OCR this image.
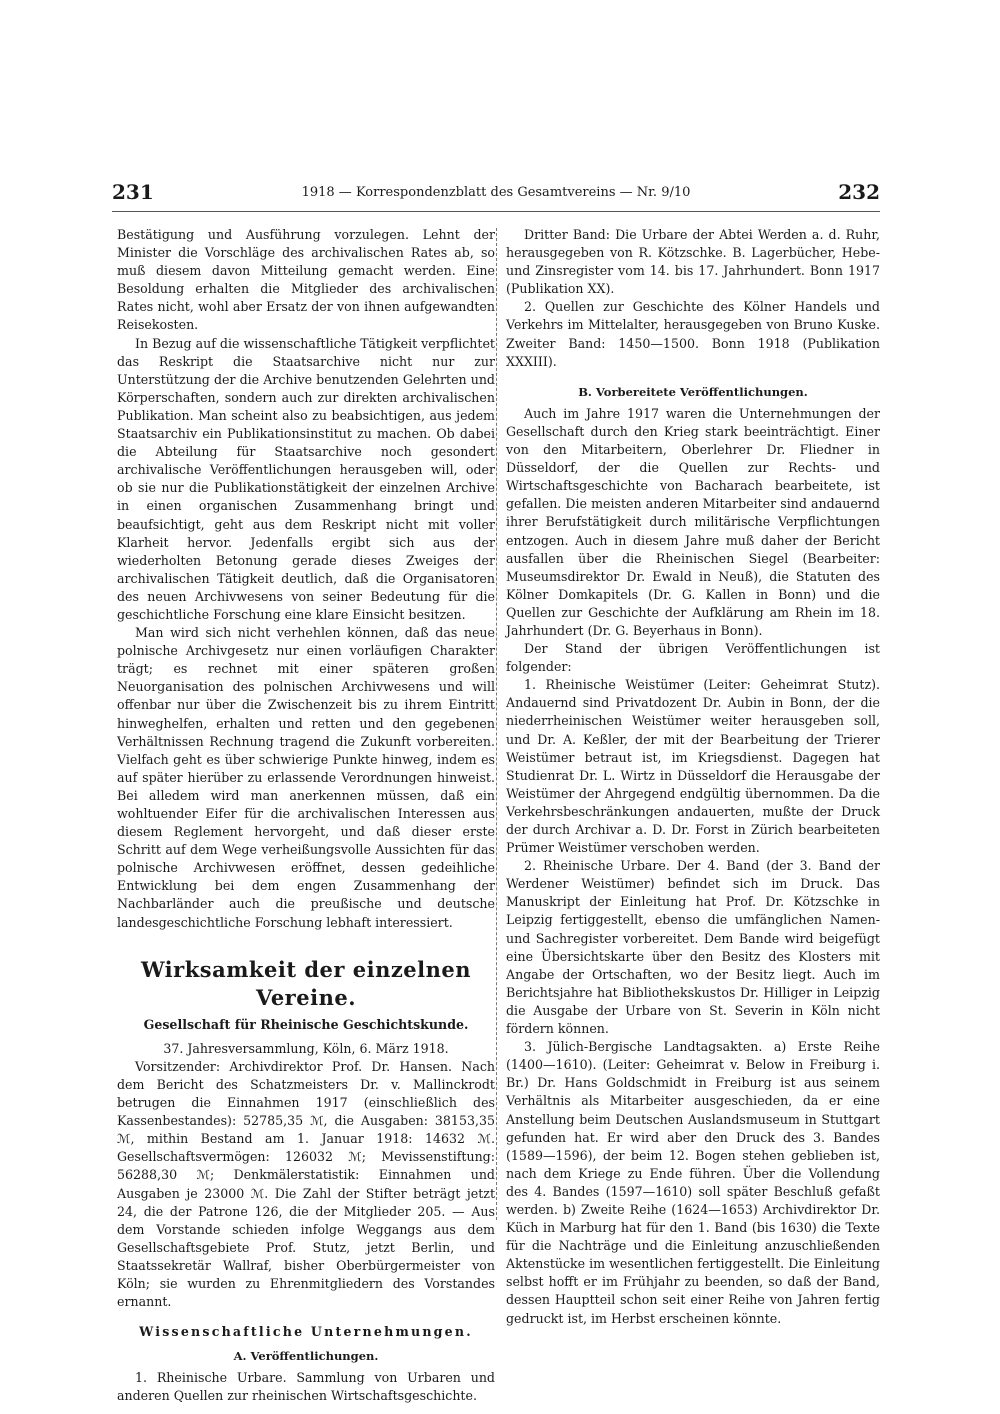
231	1918 — Korrespondenzblatt des Gesamtvereins — Nr. 9/10	232

Bestätigung und Ausführung vorzulegen. Lehnt der Minister die Vorschläge des archivalischen Rates ab, so muß diesem davon Mitteilung gemacht werden. Eine Besoldung erhalten die Mitglieder des archivalischen Rates nicht, wohl aber Ersatz der von ihnen aufgewandten Reisekosten.

In Bezug auf die wissenschaftliche Tätigkeit verpflichtet das Reskript die Staatsarchive nicht nur zur Unterstützung der die Archive benutzenden Gelehrten und Körperschaften, sondern auch zur direkten archivalischen Publikation. Man scheint also zu beabsichtigen, aus jedem Staatsarchiv ein Publikationsinstitut zu machen. Ob dabei die Abteilung für Staatsarchive noch gesondert archivalische Veröffentlichungen herausgeben will, oder ob sie nur die Publikationstätigkeit der einzelnen Archive in einen organischen Zusammenhang bringt und beaufsichtigt, geht aus dem Reskript nicht mit voller Klarheit hervor. Jedenfalls ergibt sich aus der wiederholten Betonung gerade dieses Zweiges der archivalischen Tätigkeit deutlich, daß die Organisatoren des neuen Archivwesens von seiner Bedeutung für die geschichtliche Forschung eine klare Einsicht besitzen.

Man wird sich nicht verhehlen können, daß das neue polnische Archivgesetz nur einen vorläufigen Charakter trägt; es rechnet mit einer späteren großen Neuorganisation des polnischen Archivwesens und will offenbar nur über die Zwischenzeit bis zu ihrem Eintritt hinweghelfen, erhalten und retten und den gegebenen Verhältnissen Rechnung tragend die Zukunft vorbereiten. Vielfach geht es über schwierige Punkte hinweg, indem es auf später hierüber zu erlassende Verordnungen hinweist. Bei alledem wird man anerkennen müssen, daß ein wohltuender Eifer für die archivalischen Interessen aus diesem Reglement hervorgeht, und daß dieser erste Schritt auf dem Wege verheißungsvolle Aussichten für das polnische Archivwesen eröffnet, dessen gedeihliche Entwicklung bei dem engen Zusammenhang der Nachbarländer auch die preußische und deutsche landesgeschichtliche Forschung lebhaft interessiert.

Wirksamkeit der einzelnen Vereine.

Gesellschaft für Rheinische Geschichtskunde.

37. Jahresversammlung, Köln, 6. März 1918.

Vorsitzender: Archivdirektor Prof. Dr. Hansen. Nach dem Bericht des Schatzmeisters Dr. v. Mallinckrodt betrugen die Einnahmen 1917 (einschließlich des Kassenbestandes): 52785,35 ℳ, die Ausgaben: 38153,35 ℳ, mithin Bestand am 1. Januar 1918: 14632 ℳ. Gesellschaftsvermögen: 126032 ℳ; Mevissenstiftung: 56288,30 ℳ; Denkmälerstatistik: Einnahmen und Ausgaben je 23000 ℳ. Die Zahl der Stifter beträgt jetzt 24, die der Patrone 126, die der Mitglieder 205. — Aus dem Vorstande schieden infolge Weggangs aus dem Gesellschaftsgebiete Prof. Stutz, jetzt Berlin, und Staatssekretär Wallraf, bisher Oberbürgermeister von Köln; sie wurden zu Ehrenmitgliedern des Vorstandes ernannt.

Wissenschaftliche Unternehmungen.

A. Veröffentlichungen.

1. Rheinische Urbare. Sammlung von Urbaren und anderen Quellen zur rheinischen Wirtschaftsgeschichte.

Dritter Band: Die Urbare der Abtei Werden a. d. Ruhr, herausgegeben von R. Kötzschke. B. Lagerbücher, Hebe- und Zinsregister vom 14. bis 17. Jahrhundert. Bonn 1917 (Publikation XX).

2. Quellen zur Geschichte des Kölner Handels und Verkehrs im Mittelalter, herausgegeben von Bruno Kuske. Zweiter Band: 1450—1500. Bonn 1918 (Publikation XXXIII).

B. Vorbereitete Veröffentlichungen.

Auch im Jahre 1917 waren die Unternehmungen der Gesellschaft durch den Krieg stark beeinträchtigt. Einer von den Mitarbeitern, Oberlehrer Dr. Fliedner in Düsseldorf, der die Quellen zur Rechts- und Wirtschaftsgeschichte von Bacharach bearbeitete, ist gefallen. Die meisten anderen Mitarbeiter sind andauernd ihrer Berufstätigkeit durch militärische Verpflichtungen entzogen. Auch in diesem Jahre muß daher der Bericht ausfallen über die Rheinischen Siegel (Bearbeiter: Museumsdirektor Dr. Ewald in Neuß), die Statuten des Kölner Domkapitels (Dr. G. Kallen in Bonn) und die Quellen zur Geschichte der Aufklärung am Rhein im 18. Jahrhundert (Dr. G. Beyerhaus in Bonn).

Der Stand der übrigen Veröffentlichungen ist folgender:

1. Rheinische Weistümer (Leiter: Geheimrat Stutz). Andauernd sind Privatdozent Dr. Aubin in Bonn, der die niederrheinischen Weistümer weiter herausgeben soll, und Dr. A. Keßler, der mit der Bearbeitung der Trierer Weistümer betraut ist, im Kriegsdienst. Dagegen hat Studienrat Dr. L. Wirtz in Düsseldorf die Herausgabe der Weistümer der Ahrgegend endgültig übernommen. Da die Verkehrsbeschränkungen andauerten, mußte der Druck der durch Archivar a. D. Dr. Forst in Zürich bearbeiteten Prümer Weistümer verschoben werden.

2. Rheinische Urbare. Der 4. Band (der 3. Band der Werdener Weistümer) befindet sich im Druck. Das Manuskript der Einleitung hat Prof. Dr. Kötzschke in Leipzig fertiggestellt, ebenso die umfänglichen Namen- und Sachregister vorbereitet. Dem Bande wird beigefügt eine Übersichtskarte über den Besitz des Klosters mit Angabe der Ortschaften, wo der Besitz liegt. Auch im Berichtsjahre hat Bibliothekskustos Dr. Hilliger in Leipzig die Ausgabe der Urbare von St. Severin in Köln nicht fördern können.

3. Jülich-Bergische Landtagsakten. a) Erste Reihe (1400—1610). (Leiter: Geheimrat v. Below in Freiburg i. Br.) Dr. Hans Goldschmidt in Freiburg ist aus seinem Verhältnis als Mitarbeiter ausgeschieden, da er eine Anstellung beim Deutschen Auslandsmuseum in Stuttgart gefunden hat. Er wird aber den Druck des 3. Bandes (1589—1596), der beim 12. Bogen stehen geblieben ist, nach dem Kriege zu Ende führen. Über die Vollendung des 4. Bandes (1597—1610) soll später Beschluß gefaßt werden. b) Zweite Reihe (1624—1653) Archivdirektor Dr. Küch in Marburg hat für den 1. Band (bis 1630) die Texte für die Nachträge und die Einleitung anzuschließenden Aktenstücke im wesentlichen fertiggestellt. Die Einleitung selbst hofft er im Frühjahr zu beenden, so daß der Band, dessen Hauptteil schon seit einer Reihe von Jahren fertig gedruckt ist, im Herbst erscheinen könnte.
